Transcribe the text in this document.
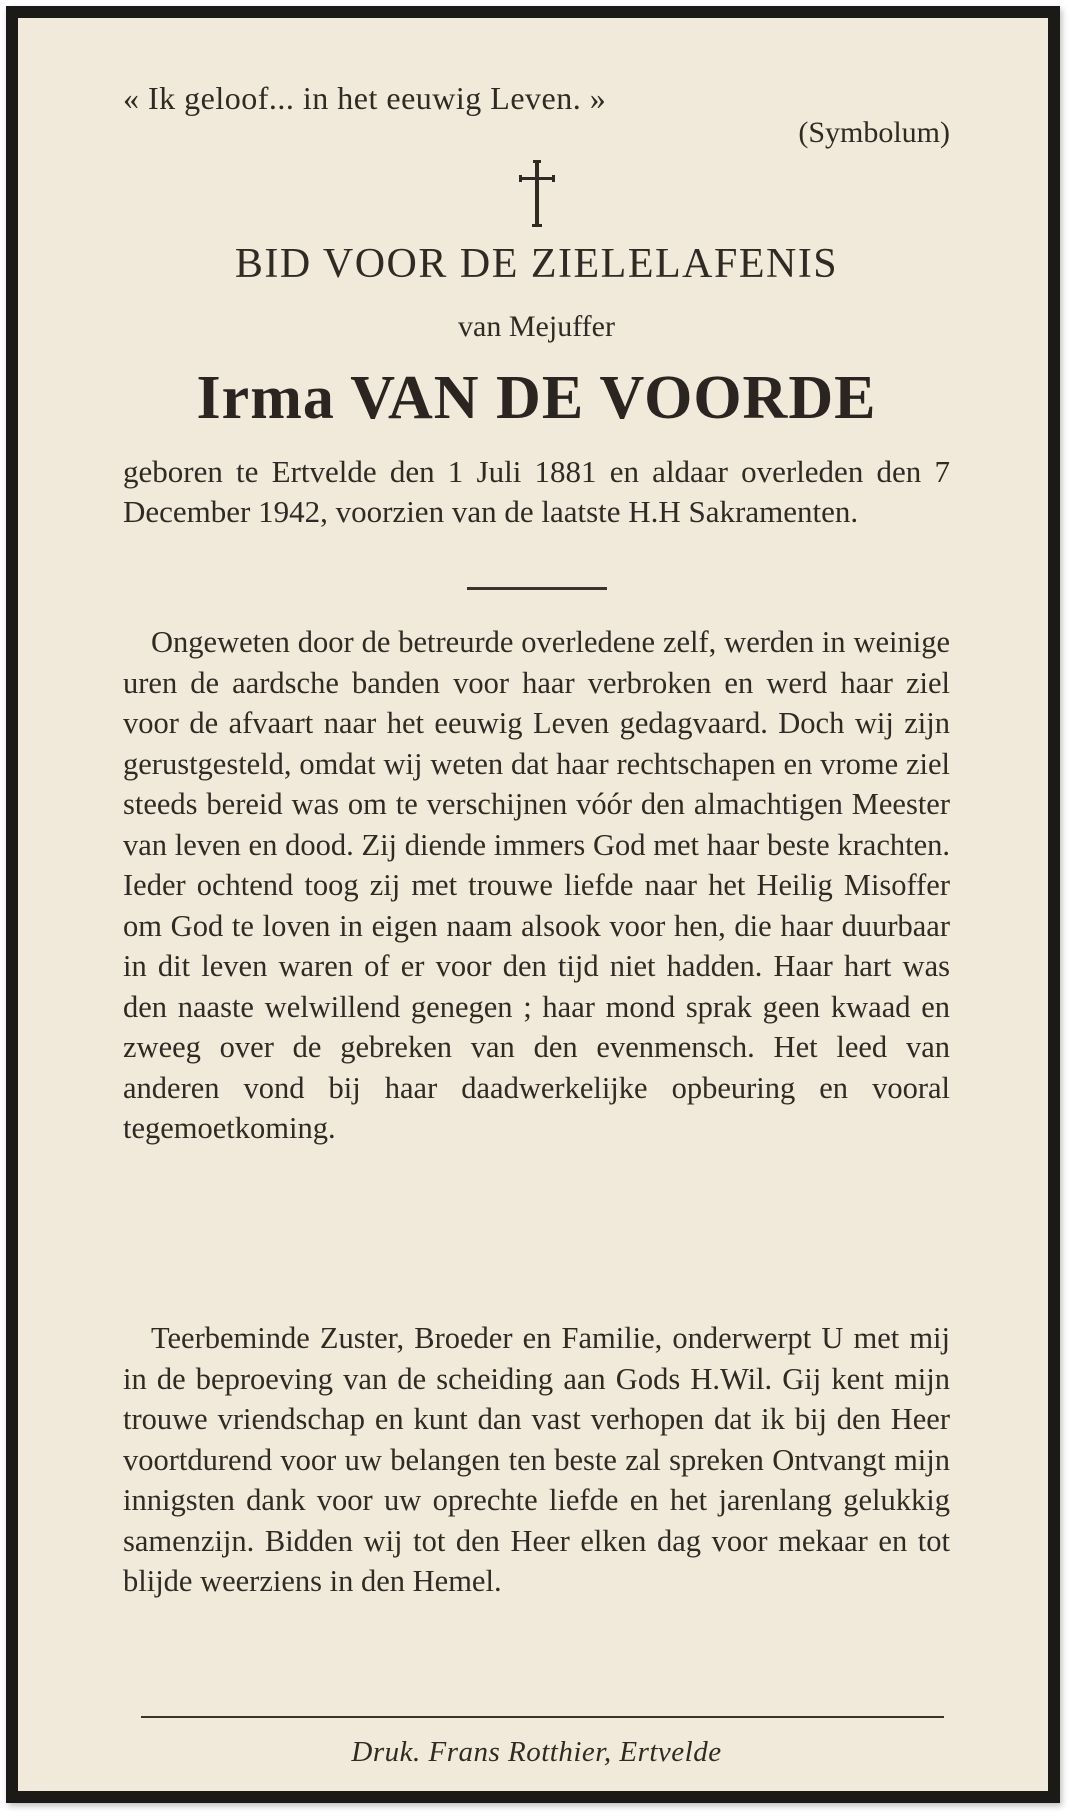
« Ik geloof... in het eeuwig Leven. »
(Symbolum)
BID VOOR DE ZIELELAFENIS
van Mejuffer
Irma VAN DE VOORDE
geboren te Ertvelde den 1 Juli 1881 en aldaar overleden den 7 December 1942, voorzien van de laatste H.H Sakramenten.
Ongeweten door de betreurde overledene zelf, werden in weinige uren de aardsche banden voor haar verbroken en werd haar ziel voor de afvaart naar het eeuwig Leven gedagvaard. Doch wij zijn gerustgesteld, omdat wij weten dat haar rechtschapen en vrome ziel steeds bereid was om te verschijnen vóór den almachtigen Meester van leven en dood. Zij diende immers God met haar beste krachten. Ieder ochtend toog zij met trouwe liefde naar het Heilig Misoffer om God te loven in eigen naam alsook voor hen, die haar duurbaar in dit leven waren of er voor den tijd niet hadden. Haar hart was den naaste welwillend genegen ; haar mond sprak geen kwaad en zweeg over de gebreken van den evenmensch. Het leed van anderen vond bij haar daadwerkelijke opbeuring en vooral tegemoetkoming.
Teerbeminde Zuster, Broeder en Familie, onderwerpt U met mij in de beproeving van de scheiding aan Gods H.Wil. Gij kent mijn trouwe vriendschap en kunt dan vast verhopen dat ik bij den Heer voortdurend voor uw belangen ten beste zal spreken Ontvangt mijn innigsten dank voor uw oprechte liefde en het jarenlang gelukkig samenzijn. Bidden wij tot den Heer elken dag voor mekaar en tot blijde weerziens in den Hemel.
Druk. Frans Rotthier, Ertvelde
